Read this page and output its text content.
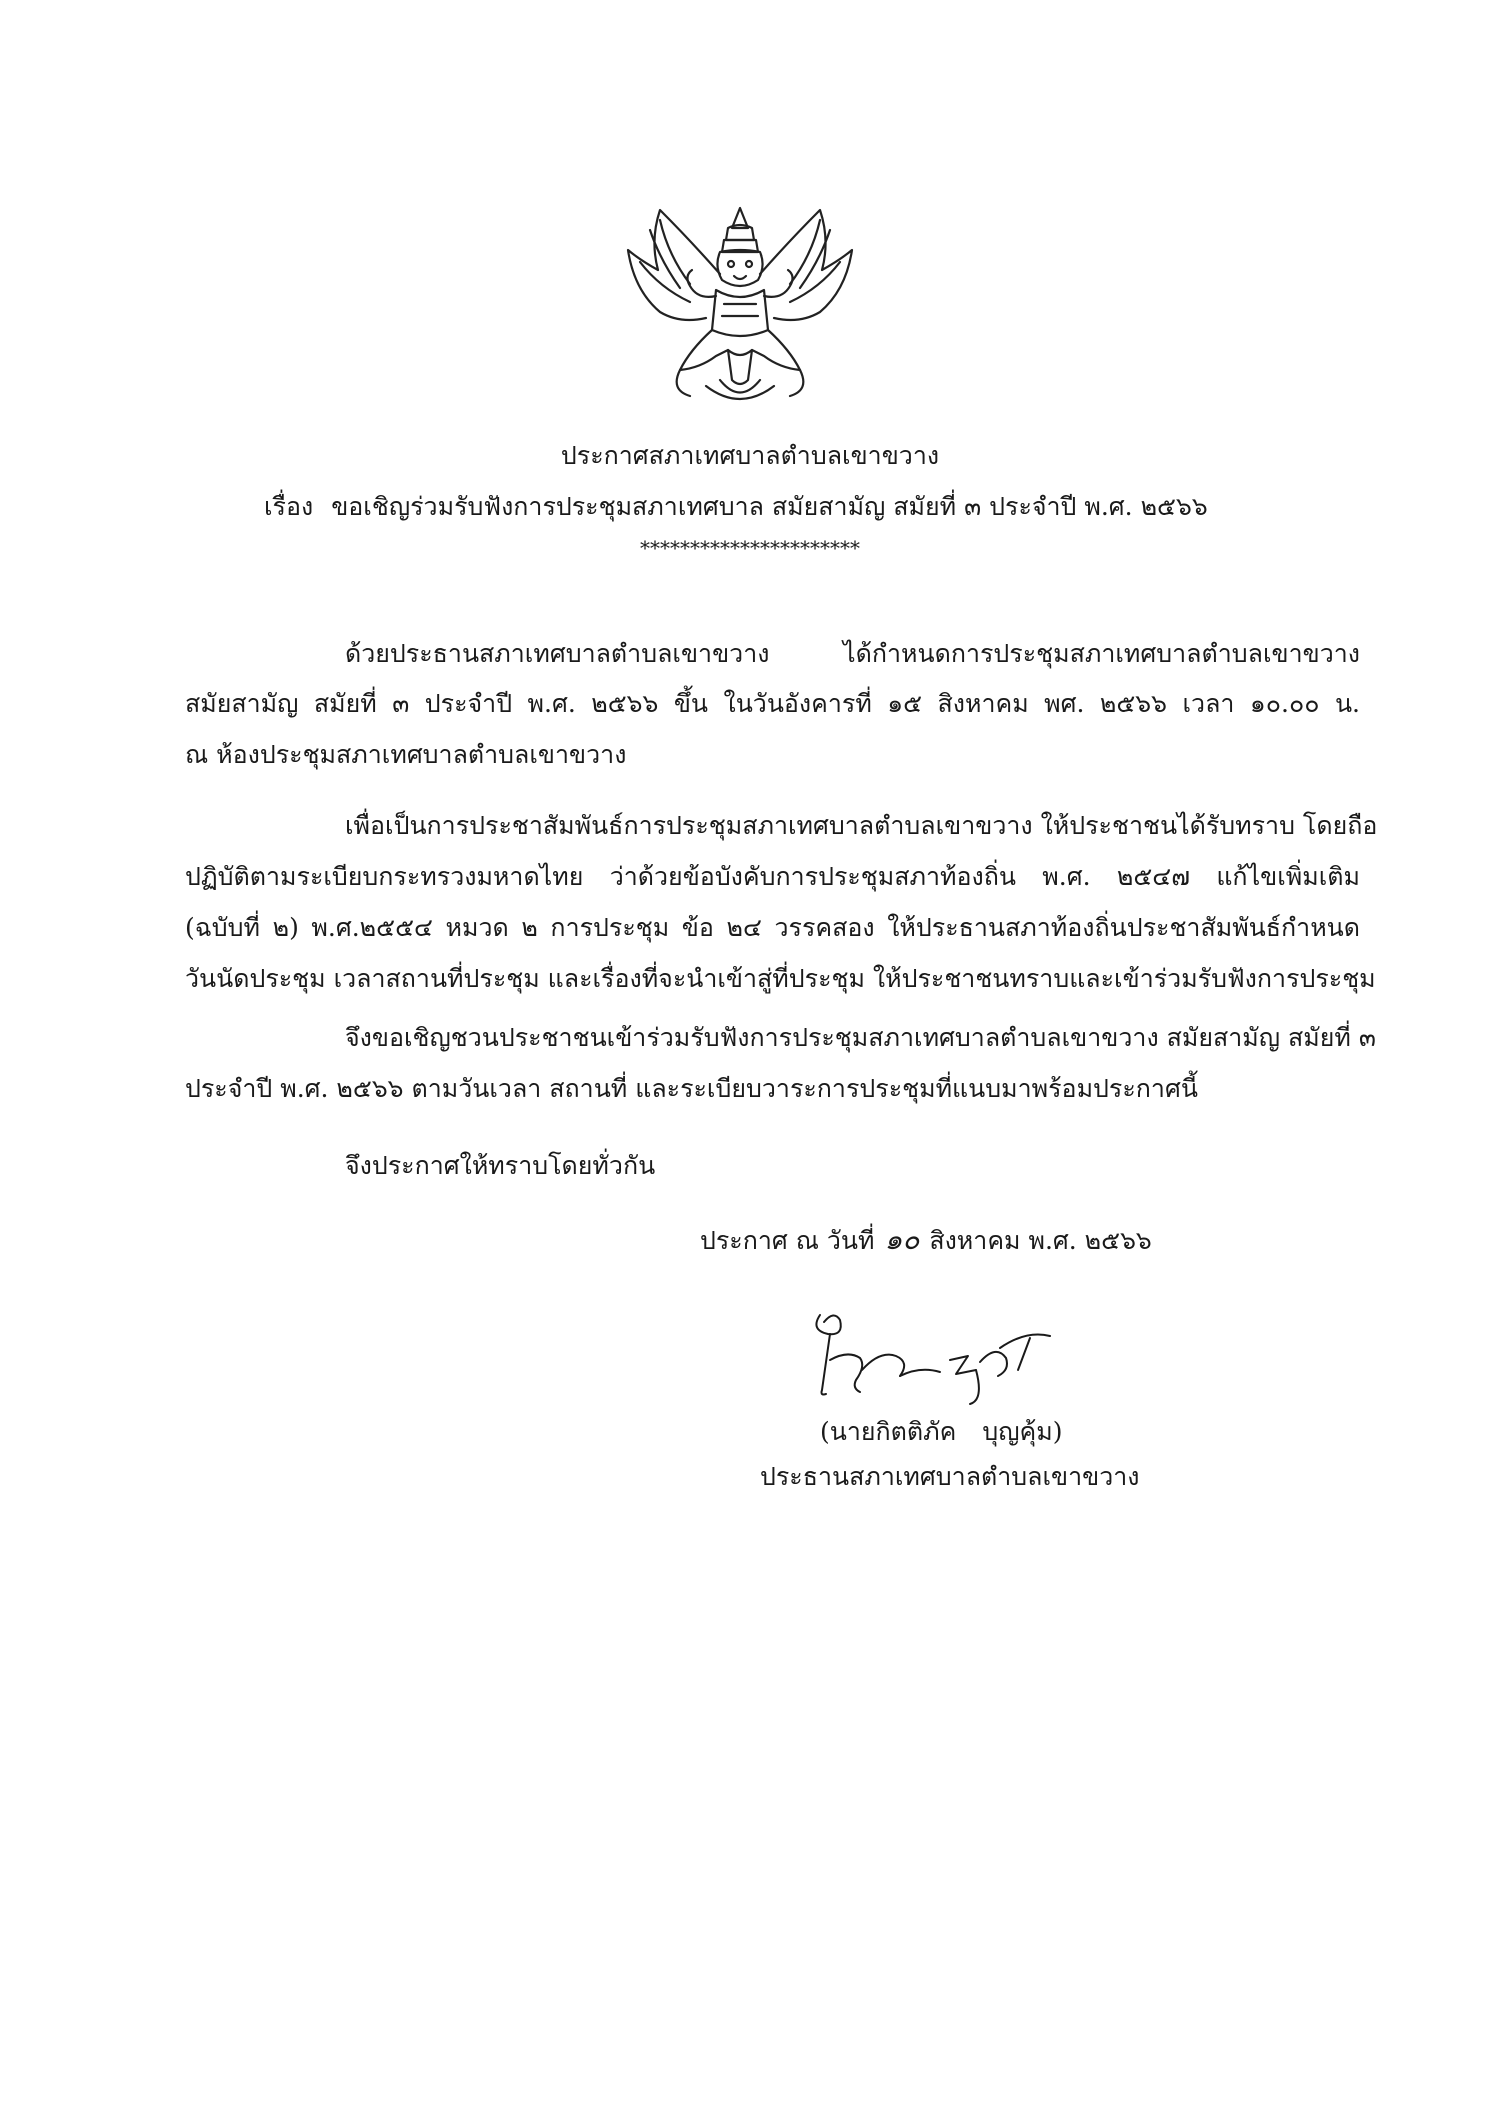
ประกาศสภาเทศบาลตำบลเขาขวาง
เรื่อง ขอเชิญร่วมรับฟังการประชุมสภาเทศบาล สมัยสามัญ สมัยที่ ๓ ประจำปี พ.ศ. ๒๕๖๖
**********************
ด้วยประธานสภาเทศบาลตำบลเขาขวาง ได้กำหนดการประชุมสภาเทศบาลตำบลเขาขวาง
สมัยสามัญ สมัยที่ ๓ ประจำปี พ.ศ. ๒๕๖๖ ขึ้น ในวันอังคารที่ ๑๕ สิงหาคม พศ. ๒๕๖๖ เวลา ๑๐.๐๐ น.
ณ ห้องประชุมสภาเทศบาลตำบลเขาขวาง
เพื่อเป็นการประชาสัมพันธ์การประชุมสภาเทศบาลตำบลเขาขวาง ให้ประชาชนได้รับทราบ โดยถือ
ปฏิบัติตามระเบียบกระทรวงมหาดไทย ว่าด้วยข้อบังคับการประชุมสภาท้องถิ่น พ.ศ. ๒๕๔๗ แก้ไขเพิ่มเติม
(ฉบับที่ ๒) พ.ศ.๒๕๕๔ หมวด ๒ การประชุม ข้อ ๒๔ วรรคสอง ให้ประธานสภาท้องถิ่นประชาสัมพันธ์กำหนด
วันนัดประชุม เวลาสถานที่ประชุม และเรื่องที่จะนำเข้าสู่ที่ประชุม ให้ประชาชนทราบและเข้าร่วมรับฟังการประชุม
จึงขอเชิญชวนประชาชนเข้าร่วมรับฟังการประชุมสภาเทศบาลตำบลเขาขวาง สมัยสามัญ สมัยที่ ๓
ประจำปี พ.ศ. ๒๕๖๖ ตามวันเวลา สถานที่ และระเบียบวาระการประชุมที่แนบมาพร้อมประกาศนี้
จึงประกาศให้ทราบโดยทั่วกัน
ประกาศ ณ วันที่ ๑๐ สิงหาคม พ.ศ. ๒๕๖๖
(นายกิตติภัค บุญคุ้ม)
ประธานสภาเทศบาลตำบลเขาขวาง
